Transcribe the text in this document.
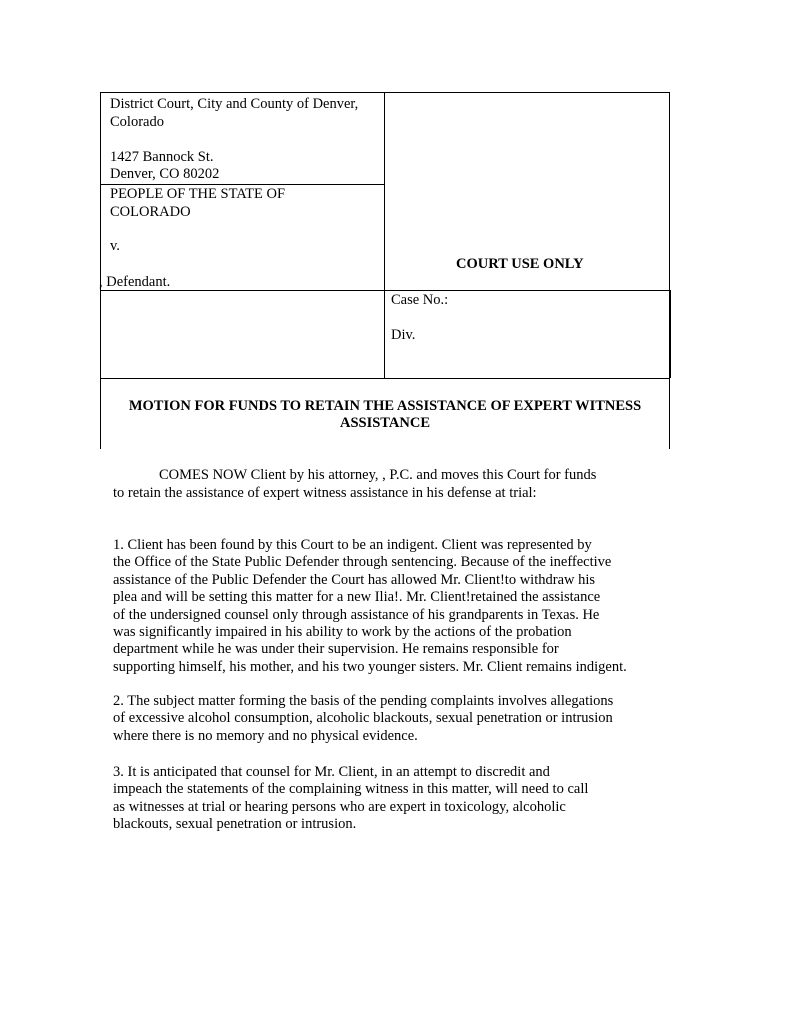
District Court, City and County of Denver,
Colorado
1427 Bannock St.
Denver, CO 80202
PEOPLE OF THE STATE OF
COLORADO
v.
, Defendant.
COURT USE ONLY
Case No.:
Div.
MOTION FOR FUNDS TO RETAIN THE ASSISTANCE OF EXPERT WITNESS
ASSISTANCE
COMES NOW Client by his attorney, , P.C. and moves this Court for funds
to retain the assistance of expert witness assistance in his defense at trial:
1. Client has been found by this Court to be an indigent. Client was represented by
the Office of the State Public Defender through sentencing. Because of the ineffective
assistance of the Public Defender the Court has allowed Mr. Client!to withdraw his
plea and will be setting this matter for a new Ilia!. Mr. Client!retained the assistance
of the undersigned counsel only through assistance of his grandparents in Texas. He
was significantly impaired in his ability to work by the actions of the probation
department while he was under their supervision. He remains responsible for
supporting himself, his mother, and his two younger sisters. Mr. Client remains indigent.
2. The subject matter forming the basis of the pending complaints involves allegations
of excessive alcohol consumption, alcoholic blackouts, sexual penetration or intrusion
where there is no memory and no physical evidence.
3. It is anticipated that counsel for Mr. Client, in an attempt to discredit and
impeach the statements of the complaining witness in this matter, will need to call
as witnesses at trial or hearing persons who are expert in toxicology, alcoholic
blackouts, sexual penetration or intrusion.
